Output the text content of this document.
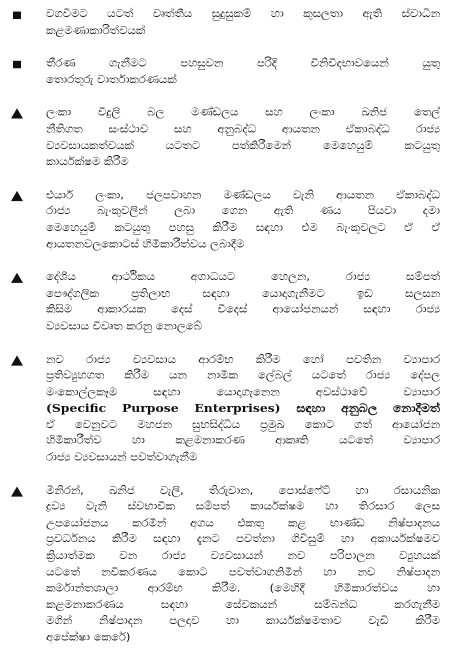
වගවීමට යටත් වෘත්තීය සුදුසුකම් හා කුසලතා ඇති ස්වාධීන
කළමණාකාරිත්වයක්
තීරණ ගැනීමට පහසුවන පරිදි විනිවිදභාවයෙන් යුතු
තොරතුරු වාර්තාකරණයක්
ලංකා විදුලි බල මණ්ඩලය සහ ලංකා ඛනිජ තෙල්
නීතිගත සංස්ථාව සහ අනුබද්ධ ආයතන ඒකාබද්ධ රාජ්‍ය
ව්‍යවසායකත්වයක් යටතට පත්කිරීමෙන් මෙහෙයුම් කටයුතු
කාර්යක්ෂම කිරීම
එයාර් ලංකා, ජලපවාහන මණ්ඩලය වැනි ආයතන ඒකාබද්ධ
රාජ්‍ය බැංකුවලින් ලබා ගෙන ඇති ණය පියවා දමා
මෙහෙයුම් කටයුතු පහසු කිරීම සඳහා එම බැංකුවලට ඒ ඒ
ආයතනවලකොටස් හිමිකාරීත්වය ලබාදීම
දේශීය ආර්ථිකය අගාධයට හෙලන, රාජ්‍ය සම්පත්
පෞද්ගලික ප්‍රතිලාභ සඳහා යොදාගැනීමට ඉඩ සලසන
කිසිම ආකාරයක දෙස් විදෙස් ආයෝජනයන් සඳහා රාජ්‍ය
ව්‍යවසාය විවෘත කරනු නොලබේ
නව රාජ්‍ය ව්‍යවසාය ආරම්භ කිරීම හෝ පවතින ව්‍යාපාර
ප්‍රතිව්‍යුහගත කිරීම යන නාමික ලේබල් යටතේ රාජ්‍ය දේපල
මංකොල්ලකෑම සඳහා යොදාගැනෙන අවස්ථාවේ ව්‍යාපාර
(Specific Purpose Enterprises) සඳහා අනුබල නොදීමත්
ඒ වෙනුවට මහජන සුභසිද්ධිය ප්‍රමුඛ කොට ගත් ආයෝජන
හිමිකාරීත්ව හා කළමනාකරණ ආකෘති යටතේ ව්‍යාපාර
රාජ්‍ය ව්‍යවසායන් පවත්වාගැනීම
මිනිරන්, ඛනිජ වැලි, තිරුවාන, පොස්ෆේට් හා රසායනික
ද්‍රව්‍ය වැනි ස්වභාවික සම්පත් කාර්යක්ෂම හා තිරසාර ලෙස
උපයෝජනය කරමින් අගය එකතු කළ භාණ්ඩ නිෂ්පාදනය
ප්‍රවර්ධනය කිරීම සඳහා දැනට පවත්නා ගිවිසුම් හා අකාර්යක්ෂමව
ක්‍රියාත්මක වන රාජ්‍ය ව්‍යවසායන් නව පරිපාලන ව්‍යුහයක්
යටතේ නවීකරණය කොට පවත්වාගනිමින් හා නව නිෂ්පාදන
කර්මාන්තශාලා ආරම්භ කිරීම. (මෙහිදී හිමිකාරත්වය හා
කළමනාකරණය සඳහා සේවකයන් සම්බන්ධ කරගැනීම
මගින් නිෂ්පාදන පලදාව හා කාර්යක්ෂමතාව වැඩි කිරීම
අපේක්ෂා කෙරේ)
